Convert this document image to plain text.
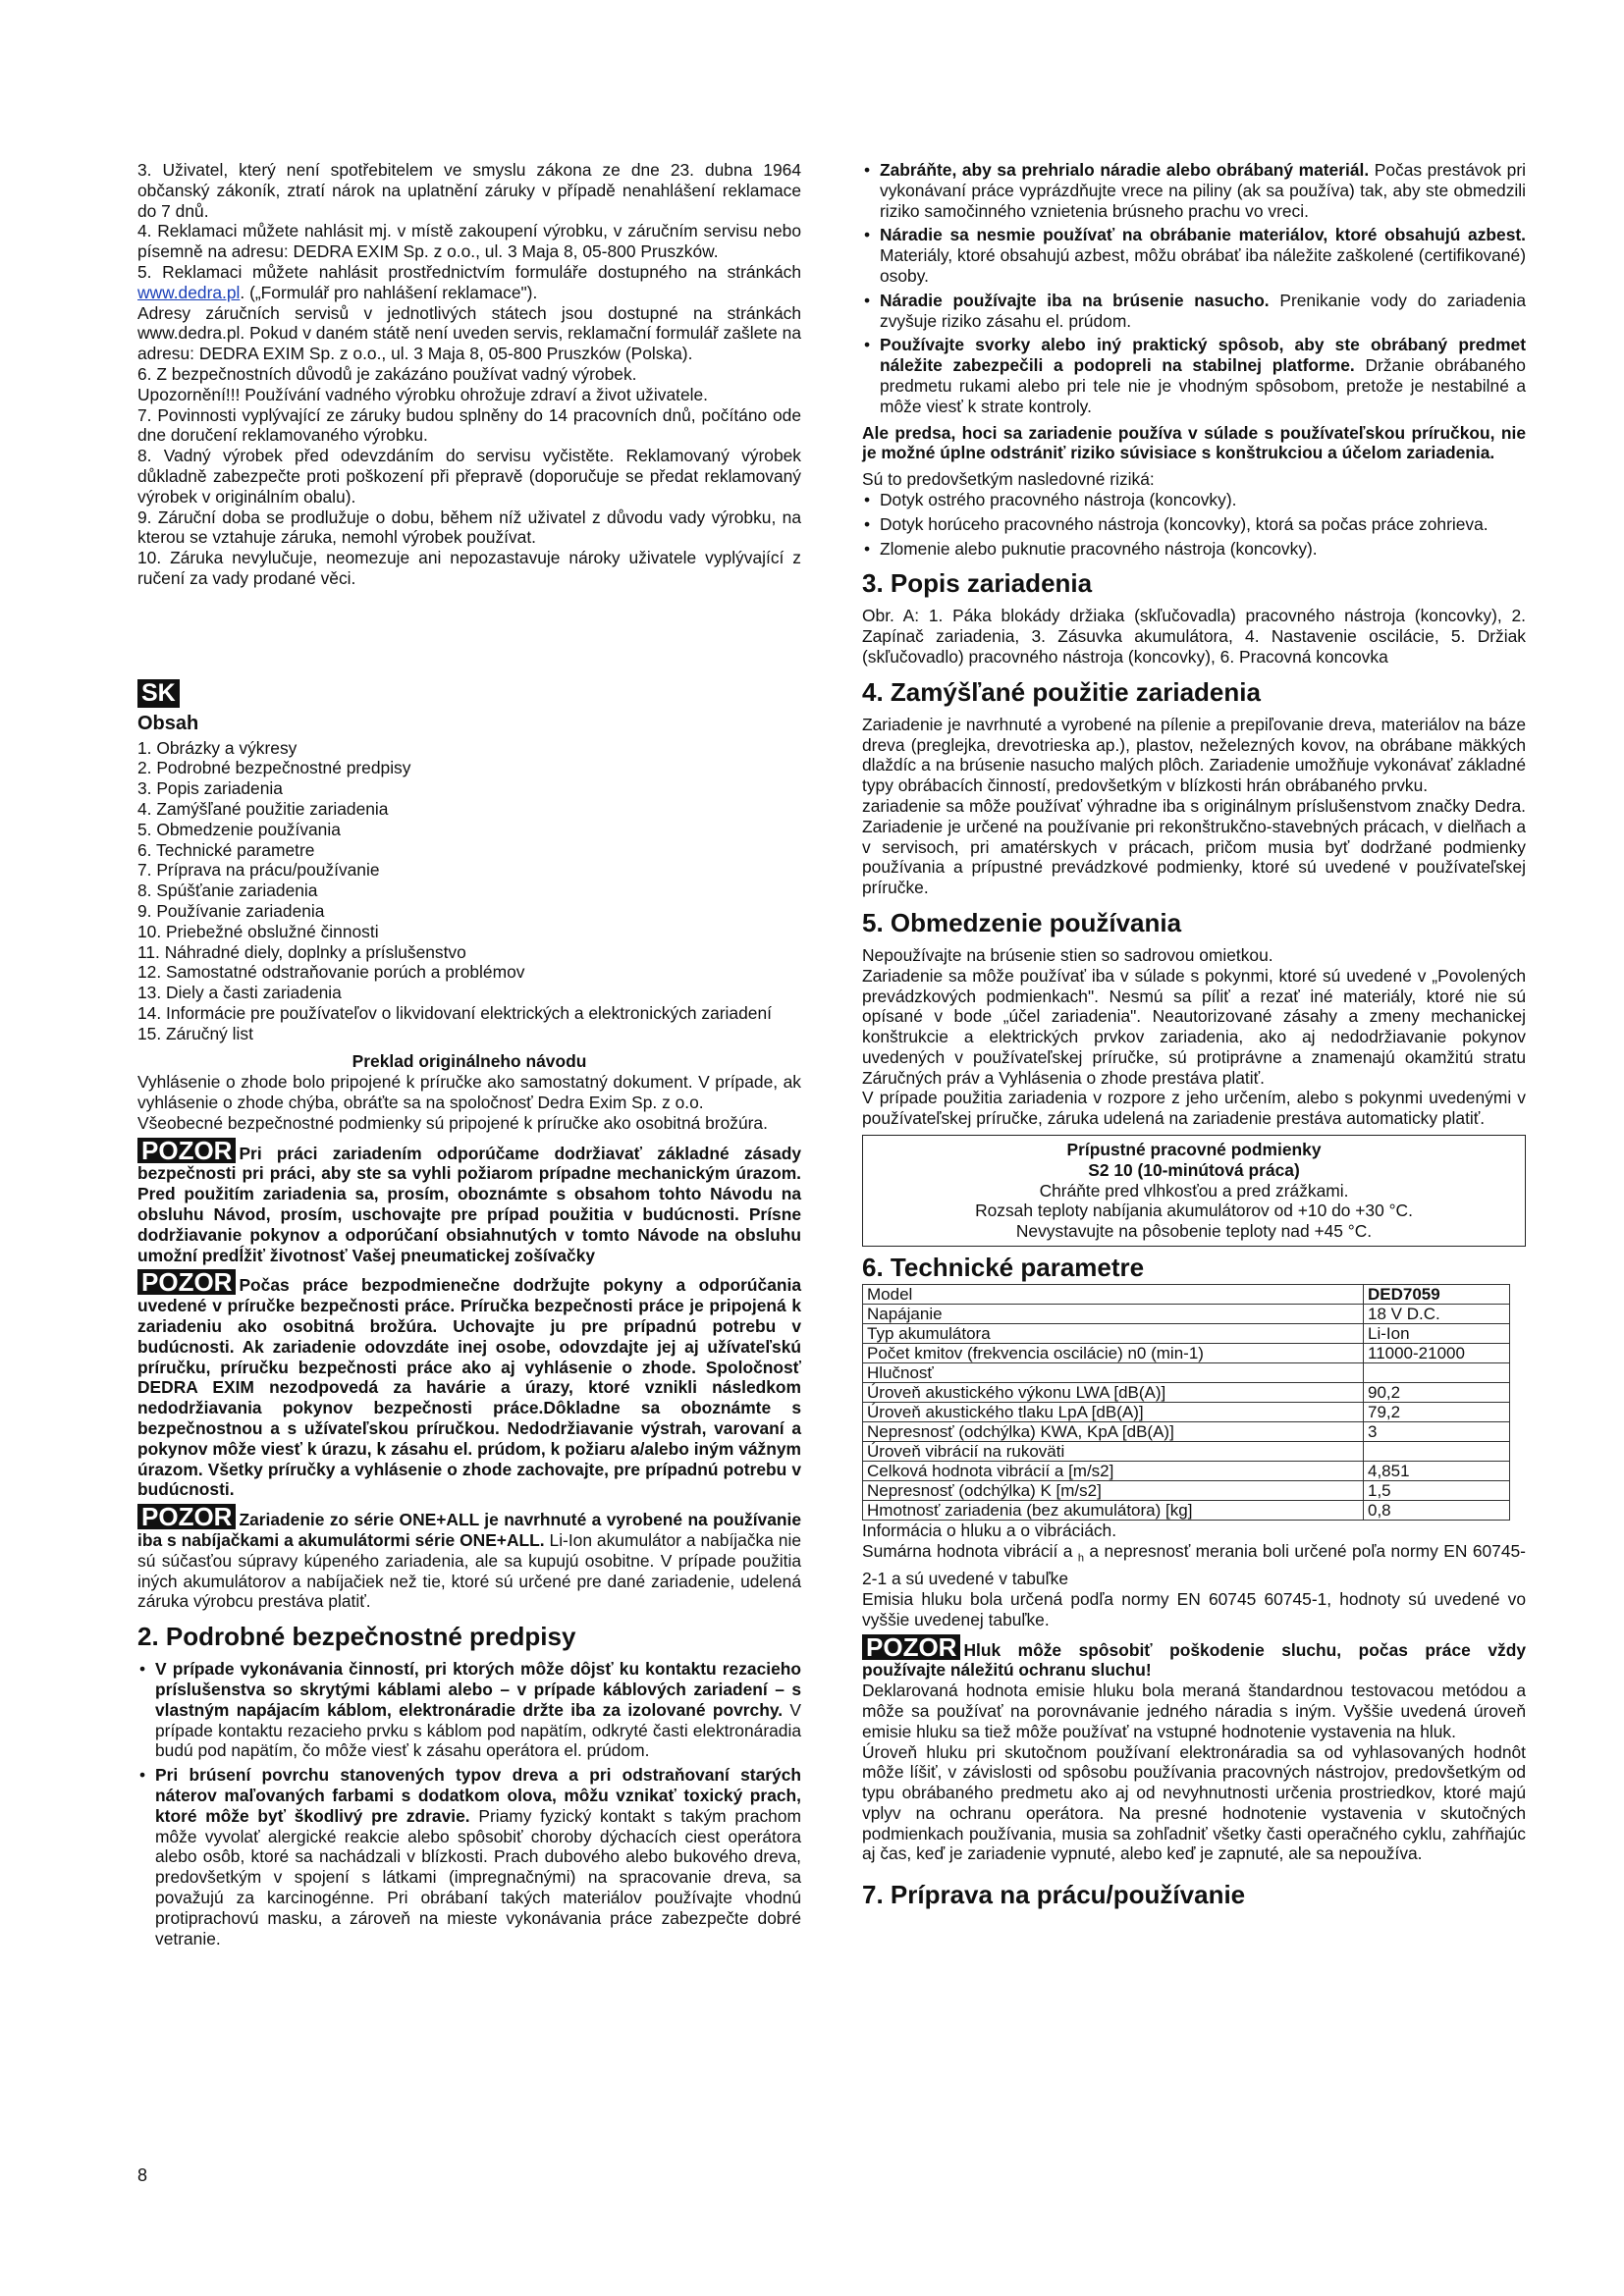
3. Uživatel, který není spotřebitelem ve smyslu zákona ze dne 23. dubna 1964 občanský zákoník, ztratí nárok na uplatnění záruky v případě nenahlášení reklamace do 7 dnů.

4. Reklamaci můžete nahlásit mj. v místě zakoupení výrobku, v záručním servisu nebo písemně na adresu: DEDRA EXIM Sp. z o.o., ul. 3 Maja 8, 05-800 Pruszków.

5. Reklamaci můžete nahlásit prostřednictvím formuláře dostupného na stránkách www.dedra.pl. („Formulář pro nahlášení reklamace").

Adresy záručních servisů v jednotlivých státech jsou dostupné na stránkách www.dedra.pl. Pokud v daném státě není uveden servis, reklamační formulář zašlete na adresu: DEDRA EXIM Sp. z o.o., ul. 3 Maja 8, 05-800 Pruszków (Polska).

6. Z bezpečnostních důvodů je zakázáno používat vadný výrobek.

Upozornění!!! Používání vadného výrobku ohrožuje zdraví a život uživatele.

7. Povinnosti vyplývající ze záruky budou splněny do 14 pracovních dnů, počítáno ode dne doručení reklamovaného výrobku.

8. Vadný výrobek před odevzdáním do servisu vyčistěte. Reklamovaný výrobek důkladně zabezpečte proti poškození při přepravě (doporučuje se předat reklamovaný výrobek v originálním obalu).

9. Záruční doba se prodlužuje o dobu, během níž uživatel z důvodu vady výrobku, na kterou se vztahuje záruka, nemohl výrobek používat.

10. Záruka nevylučuje, neomezuje ani nepozastavuje nároky uživatele vyplývající z ručení za vady prodané věci.

SK
Obsah
1. Obrázky a výkresy
2. Podrobné bezpečnostné predpisy
3. Popis zariadenia
4. Zamýšľané použitie zariadenia
5. Obmedzenie používania
6. Technické parametre
7. Príprava na prácu/používanie
8. Spúšťanie zariadenia
9. Používanie zariadenia
10. Priebežné obslužné činnosti
11. Náhradné diely, doplnky a príslušenstvo
12. Samostatné odstraňovanie porúch a problémov
13. Diely a časti zariadenia
14. Informácie pre používateľov o likvidovaní elektrických a elektronických zariadení
15. Záručný list

Preklad originálneho návodu

Vyhlásenie o zhode bolo pripojené k príručke ako samostatný dokument. V prípade, ak vyhlásenie o zhode chýba, obráťte sa na spoločnosť Dedra Exim Sp. z o.o.

Všeobecné bezpečnostné podmienky sú pripojené k príručke ako osobitná brožúra.

POZOR Pri práci zariadením odporúčame dodržiavať základné zásady bezpečnosti pri práci, aby ste sa vyhli požiarom prípadne mechanickým úrazom. Pred použitím zariadenia sa, prosím, oboznámte s obsahom tohto Návodu na obsluhu Návod, prosím, uschovajte pre prípad použitia v budúcnosti. Prísne dodržiavanie pokynov a odporúčaní obsiahnutých v tomto Návode na obsluhu umožní predĺžiť životnosť Vašej pneumatickej zošívačky

POZOR Počas práce bezpodmienečne dodržujte pokyny a odporúčania uvedené v príručke bezpečnosti práce. Príručka bezpečnosti práce je pripojená k zariadeniu ako osobitná brožúra. Uchovajte ju pre prípadnú potrebu v budúcnosti. Ak zariadenie odovzdáte inej osobe, odovzdajte jej aj užívateľskú príručku, príručku bezpečnosti práce ako aj vyhlásenie o zhode. Spoločnosť DEDRA EXIM nezodpovedá za havárie a úrazy, ktoré vznikli následkom nedodržiavania pokynov bezpečnosti práce.Dôkladne sa oboznámte s bezpečnostnou a s užívateľskou príručkou. Nedodržiavanie výstrah, varovaní a pokynov môže viesť k úrazu, k zásahu el. prúdom, k požiaru a/alebo iným vážnym úrazom. Všetky príručky a vyhlásenie o zhode zachovajte, pre prípadnú potrebu v budúcnosti.

POZOR Zariadenie zo série ONE+ALL je navrhnuté a vyrobené na používanie iba s nabíjačkami a akumulátormi série ONE+ALL. Li-Ion akumulátor a nabíjačka nie sú súčasťou súpravy kúpeného zariadenia, ale sa kupujú osobitne. V prípade použitia iných akumulátorov a nabíjačiek než tie, ktoré sú určené pre dané zariadenie, udelená záruka výrobcu prestáva platiť.

2. Podrobné bezpečnostné predpisy
• V prípade vykonávania činností, pri ktorých môže dôjsť ku kontaktu rezacieho príslušenstva so skrytými káblami alebo – v prípade káblových zariadení – s vlastným napájacím káblom, elektronáradie držte iba za izolované povrchy. V prípade kontaktu rezacieho prvku s káblom pod napätím, odkryté časti elektronáradia budú pod napätím, čo môže viesť k zásahu operátora el. prúdom.
• Pri brúsení povrchu stanovených typov dreva a pri odstraňovaní starých náterov maľovaných farbami s dodatkom olova, môžu vznikať toxický prach, ktoré môže byť škodlivý pre zdravie. Priamy fyzický kontakt s takým prachom môže vyvolať alergické reakcie alebo spôsobiť choroby dýchacích ciest operátora alebo osôb, ktoré sa nachádzali v blízkosti. Prach dubového alebo bukového dreva, predovšetkým v spojení s látkami (impregnačnými) na spracovanie dreva, sa považujú za karcinogénne. Pri obrábaní takých materiálov používajte vhodnú protiprachovú masku, a zároveň na mieste vykonávania práce zabezpečte dobré vetranie.
• Zabráňte, aby sa prehrialo náradie alebo obrábaný materiál. Počas prestávok pri vykonávaní práce vyprázdňujte vrece na piliny (ak sa používa) tak, aby ste obmedzili riziko samočinného vznietenia brúsneho prachu vo vreci.
• Náradie sa nesmie používať na obrábanie materiálov, ktoré obsahujú azbest. Materiály, ktoré obsahujú azbest, môžu obrábať iba náležite zaškolené (certifikované) osoby.
• Náradie používajte iba na brúsenie nasucho. Prenikanie vody do zariadenia zvyšuje riziko zásahu el. prúdom.
• Používajte svorky alebo iný praktický spôsob, aby ste obrábaný predmet náležite zabezpečili a podopreli na stabilnej platforme. Držanie obrábaného predmetu rukami alebo pri tele nie je vhodným spôsobom, pretože je nestabilné a môže viesť k strate kontroly.

Ale predsa, hoci sa zariadenie používa v súlade s používateľskou príručkou, nie je možné úplne odstrániť riziko súvisiace s konštrukciou a účelom zariadenia.

Sú to predovšetkým nasledovné riziká:

• Dotyk ostrého pracovného nástroja (koncovky).
• Dotyk horúceho pracovného nástroja (koncovky), ktorá sa počas práce zohrieva.
• Zlomenie alebo puknutie pracovného nástroja (koncovky).
3. Popis zariadenia

Obr. A: 1. Páka blokády držiaka (skľučovadla) pracovného nástroja (koncovky), 2. Zapínač zariadenia, 3. Zásuvka akumulátora, 4. Nastavenie oscilácie, 5. Držiak (skľučovadlo) pracovného nástroja (koncovky), 6. Pracovná koncovka

4. Zamýšľané použitie zariadenia

Zariadenie je navrhnuté a vyrobené na pílenie a prepiľovanie dreva, materiálov na báze dreva (preglejka, drevotrieska ap.), plastov, neželezných kovov, na obrábane mäkkých dlaždíc a na brúsenie nasucho malých plôch. Zariadenie umožňuje vykonávať základné typy obrábacích činností, predovšetkým v blízkosti hrán obrábaného prvku.

zariadenie sa môže používať výhradne iba s originálnym príslušenstvom značky Dedra. Zariadenie je určené na používanie pri rekonštrukčno-stavebných prácach, v dielňach a v servisoch, pri amatérskych v prácach, pričom musia byť dodržané podmienky používania a prípustné prevádzkové podmienky, ktoré sú uvedené v používateľskej príručke.

5. Obmedzenie používania

Nepoužívajte na brúsenie stien so sadrovou omietkou.

Zariadenie sa môže používať iba v súlade s pokynmi, ktoré sú uvedené v „Povolených prevádzkových podmienkach". Nesmú sa píliť a rezať iné materiály, ktoré nie sú opísané v bode „účel zariadenia". Neautorizované zásahy a zmeny mechanickej konštrukcie a elektrických prvkov zariadenia, ako aj nedodržiavanie pokynov uvedených v používateľskej príručke, sú protiprávne a znamenajú okamžitú stratu Záručných práv a Vyhlásenia o zhode prestáva platiť.

V prípade použitia zariadenia v rozpore z jeho určením, alebo s pokynmi uvedenými v používateľskej príručke, záruka udelená na zariadenie prestáva automaticky platiť.

Prípustné pracovné podmienky
S2 10 (10-minútová práca)
Chráňte pred vlhkosťou a pred zrážkami.
Rozsah teploty nabíjania akumulátorov od +10 do +30 °C.
Nevystavujte na pôsobenie teploty nad +45 °C.
6. Technické parametre
Model	DED7059
Napájanie	18 V D.C.
Typ akumulátora	Li-Ion
Počet kmitov (frekvencia oscilácie) n0 (min-1)	11000-21000
Hlučnosť	
Úroveň akustického výkonu LWA [dB(A)]	90,2
Úroveň akustického tlaku LpA [dB(A)]	79,2
Nepresnosť (odchýlka) KWA, KpA [dB(A)]	3
Úroveň vibrácií na rukoväti	
Celková hodnota vibrácií a [m/s2]	4,851
Nepresnosť (odchýlka) K [m/s2]	1,5
Hmotnosť zariadenia (bez akumulátora) [kg]	0,8

Informácia o hluku a o vibráciách.

Sumárna hodnota vibrácií a $_h$ a nepresnosť merania boli určené poľa normy EN 60745-2-1 a sú uvedené v tabuľke

Emisia hluku bola určená podľa normy EN 60745 60745-1, hodnoty sú uvedené vo vyššie uvedenej tabuľke.

POZOR Hluk môže spôsobiť poškodenie sluchu, počas práce vždy používajte náležitú ochranu sluchu!

Deklarovaná hodnota emisie hluku bola meraná štandardnou testovacou metódou a môže sa používať na porovnávanie jedného náradia s iným. Vyššie uvedená úroveň emisie hluku sa tiež môže používať na vstupné hodnotenie vystavenia na hluk.

Úroveň hluku pri skutočnom používaní elektronáradia sa od vyhlasovaných hodnôt môže líšiť, v závislosti od spôsobu používania pracovných nástrojov, predovšetkým od typu obrábaného predmetu ako aj od nevyhnutnosti určenia prostriedkov, ktoré majú vplyv na ochranu operátora. Na presné hodnotenie vystavenia v skutočných podmienkach používania, musia sa zohľadniť všetky časti operačného cyklu, zahŕňajúc aj čas, keď je zariadenie vypnuté, alebo keď je zapnuté, ale sa nepoužíva.

7. Príprava na prácu/používanie
8
